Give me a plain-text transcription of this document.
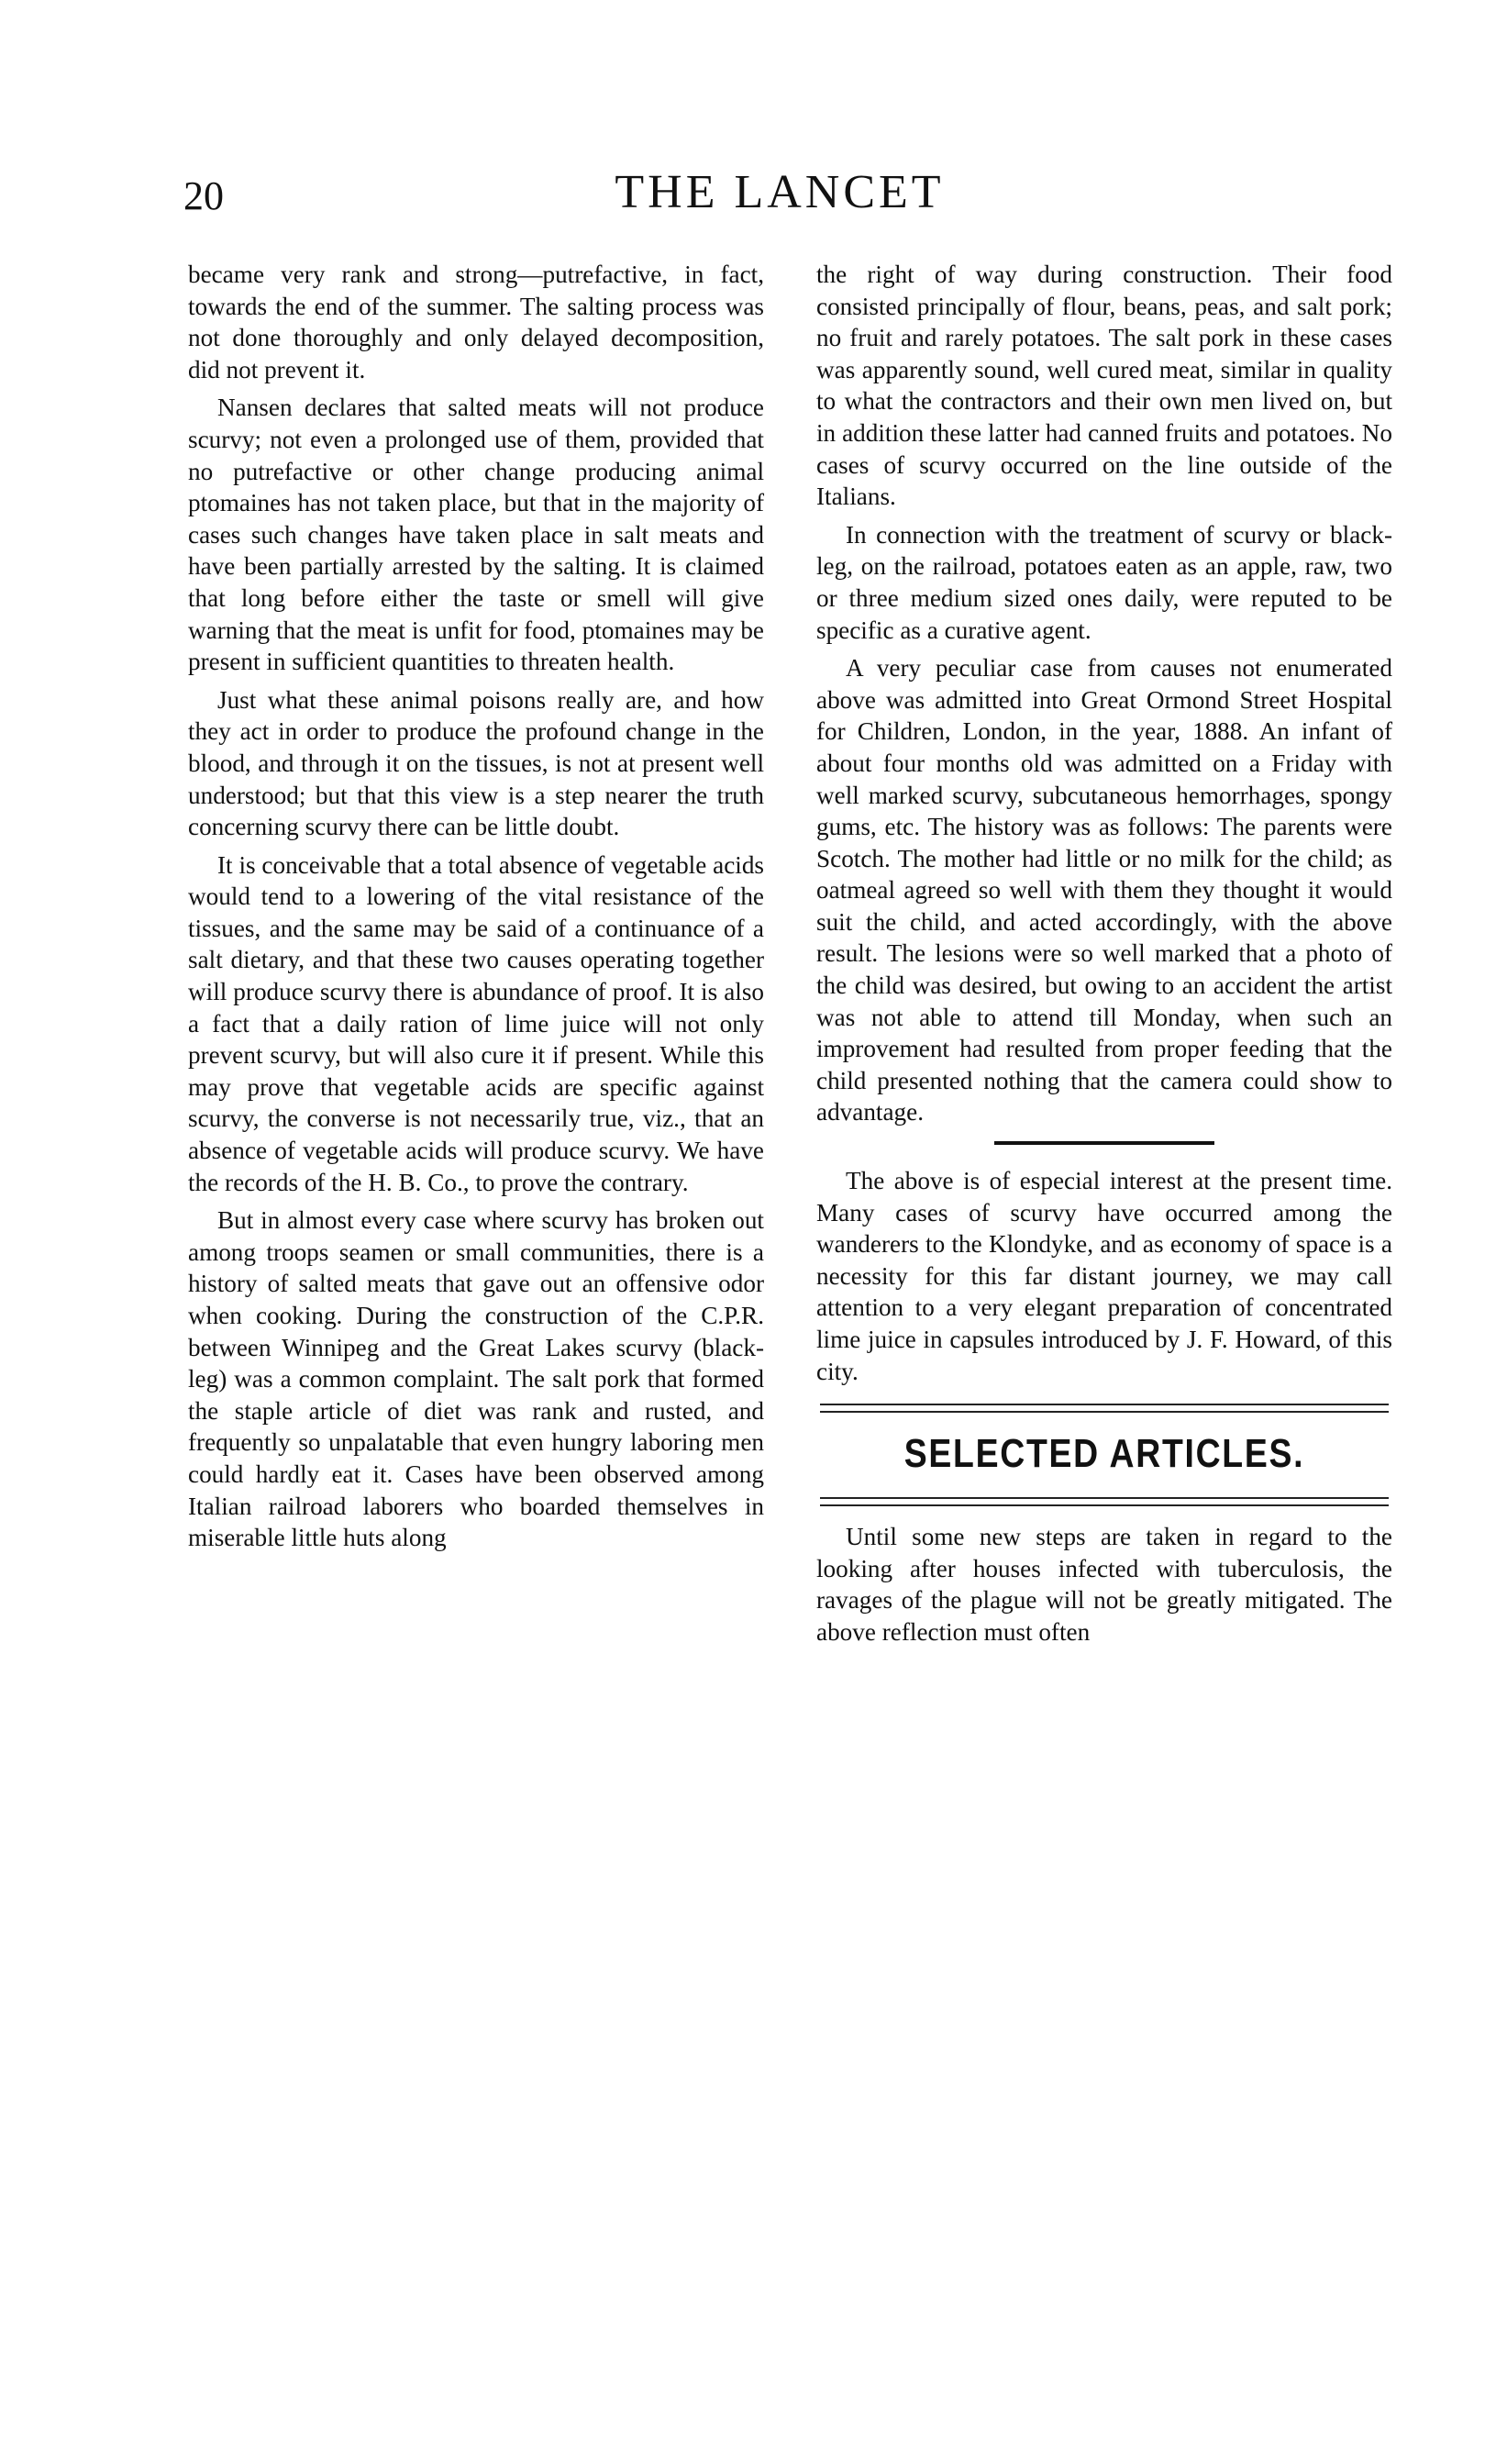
20	THE LANCET

became very rank and strong—putrefactive, in fact, towards the end of the summer. The salting process was not done thoroughly and only delayed decomposition, did not prevent it.

Nansen declares that salted meats will not produce scurvy; not even a prolonged use of them, provided that no putrefactive or other change producing animal ptomaines has not taken place, but that in the majority of cases such changes have taken place in salt meats and have been partially arrested by the salting. It is claimed that long before either the taste or smell will give warning that the meat is unfit for food, ptomaines may be present in sufficient quantities to threaten health.

Just what these animal poisons really are, and how they act in order to produce the profound change in the blood, and through it on the tissues, is not at present well understood; but that this view is a step nearer the truth concerning scurvy there can be little doubt.

It is conceivable that a total absence of vegetable acids would tend to a lowering of the vital resistance of the tissues, and the same may be said of a continuance of a salt dietary, and that these two causes operating together will produce scurvy there is abundance of proof. It is also a fact that a daily ration of lime juice will not only prevent scurvy, but will also cure it if present. While this may prove that vegetable acids are specific against scurvy, the converse is not necessarily true, viz., that an absence of vegetable acids will produce scurvy. We have the records of the H. B. Co., to prove the contrary.

But in almost every case where scurvy has broken out among troops seamen or small communities, there is a history of salted meats that gave out an offensive odor when cooking. During the construction of the C.P.R. between Winnipeg and the Great Lakes scurvy (black-leg) was a common complaint. The salt pork that formed the staple article of diet was rank and rusted, and frequently so unpalatable that even hungry laboring men could hardly eat it. Cases have been observed among Italian railroad laborers who boarded themselves in miserable little huts along

the right of way during construction. Their food consisted principally of flour, beans, peas, and salt pork; no fruit and rarely potatoes. The salt pork in these cases was apparently sound, well cured meat, similar in quality to what the contractors and their own men lived on, but in addition these latter had canned fruits and potatoes. No cases of scurvy occurred on the line outside of the Italians.

In connection with the treatment of scurvy or black-leg, on the railroad, potatoes eaten as an apple, raw, two or three medium sized ones daily, were reputed to be specific as a curative agent.

A very peculiar case from causes not enumerated above was admitted into Great Ormond Street Hospital for Children, London, in the year, 1888. An infant of about four months old was admitted on a Friday with well marked scurvy, subcutaneous hemorrhages, spongy gums, etc. The history was as follows: The parents were Scotch. The mother had little or no milk for the child; as oatmeal agreed so well with them they thought it would suit the child, and acted accordingly, with the above result. The lesions were so well marked that a photo of the child was desired, but owing to an accident the artist was not able to attend till Monday, when such an improvement had resulted from proper feeding that the child presented nothing that the camera could show to advantage.

The above is of especial interest at the present time. Many cases of scurvy have occurred among the wanderers to the Klondyke, and as economy of space is a necessity for this far distant journey, we may call attention to a very elegant preparation of concentrated lime juice in capsules introduced by J. F. Howard, of this city.

SELECTED ARTICLES.

Until some new steps are taken in regard to the looking after houses infected with tuberculosis, the ravages of the plague will not be greatly mitigated. The above reflection must often
